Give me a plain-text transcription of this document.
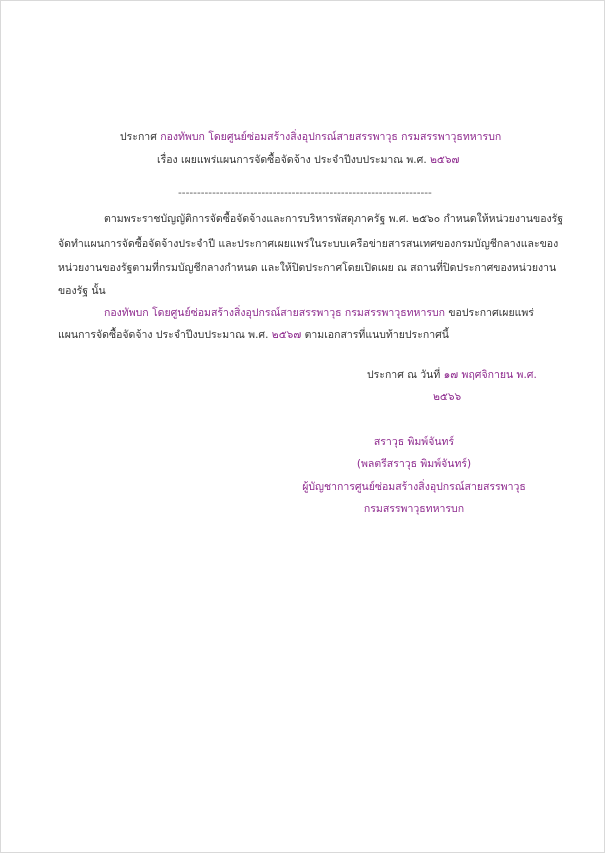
ประกาศ กองทัพบก โดยศูนย์ซ่อมสร้างสิ่งอุปกรณ์สายสรรพาวุธ กรมสรรพาวุธทหารบก
เรื่อง เผยแพร่แผนการจัดซื้อจัดจ้าง ประจำปีงบประมาณ พ.ศ. ๒๕๖๗
-------------------------------------------------------------------
ตามพระราชบัญญัติการจัดซื้อจัดจ้างและการบริหารพัสดุภาครัฐ พ.ศ. ๒๕๖๐ กำหนดให้หน่วยงานของรัฐ
จัดทำแผนการจัดซื้อจัดจ้างประจำปี และประกาศเผยแพร่ในระบบเครือข่ายสารสนเทศของกรมบัญชีกลางและของ
หน่วยงานของรัฐตามที่กรมบัญชีกลางกำหนด และให้ปิดประกาศโดยเปิดเผย ณ สถานที่ปิดประกาศของหน่วยงาน
ของรัฐ นั้น
กองทัพบก โดยศูนย์ซ่อมสร้างสิ่งอุปกรณ์สายสรรพาวุธ กรมสรรพาวุธทหารบก ขอประกาศเผยแพร่
แผนการจัดซื้อจัดจ้าง ประจำปีงบประมาณ พ.ศ. ๒๕๖๗ ตามเอกสารที่แนบท้ายประกาศนี้
ประกาศ ณ วันที่ ๑๗ พฤศจิกายน พ.ศ.
๒๕๖๖
สราวุธ พิมพ์จันทร์
(พลตรีสราวุธ พิมพ์จันทร์)
ผู้บัญชาการศูนย์ซ่อมสร้างสิ่งอุปกรณ์สายสรรพาวุธ
กรมสรรพาวุธทหารบก
